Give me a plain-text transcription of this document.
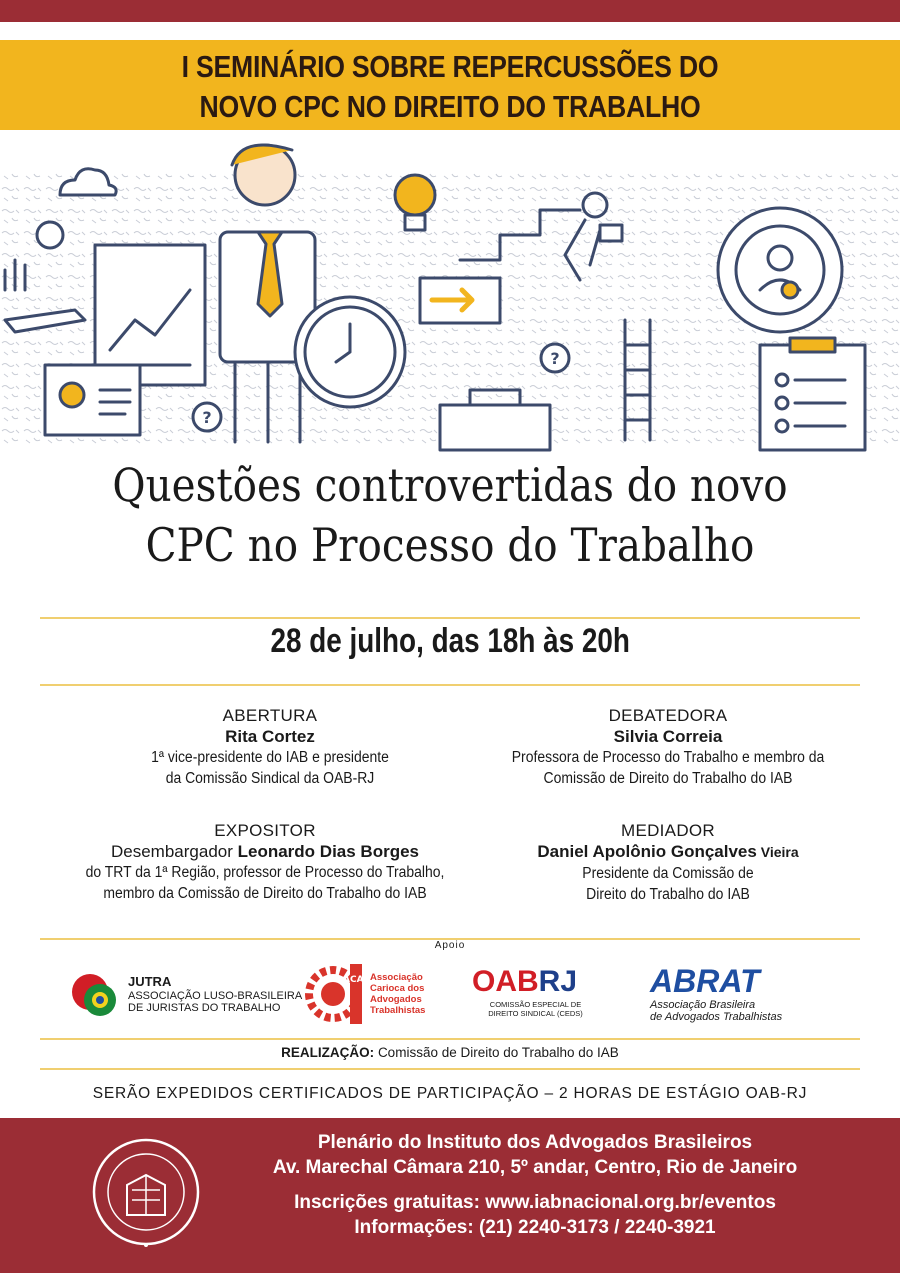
I SEMINÁRIO SOBRE REPERCUSSÕES DO
NOVO CPC NO DIREITO DO TRABALHO
?
?
Questões controvertidas do novo
CPC no Processo do Trabalho
28 de julho, das 18h às 20h
ABERTURA
Rita Cortez
1ª vice-presidente do IAB e presidente
da Comissão Sindical da OAB-RJ
DEBATEDORA
Silvia Correia
Professora de Processo do Trabalho e membro da
Comissão de Direito do Trabalho do IAB
EXPOSITOR
Desembargador Leonardo Dias Borges
do TRT da 1ª Região, professor de Processo do Trabalho,
membro da Comissão de Direito do Trabalho do IAB
MEDIADOR
Daniel Apolônio Gonçalves Vieira
Presidente da Comissão de
Direito do Trabalho do IAB
Apoio
JUTRA
ASSOCIAÇÃO LUSO-BRASILEIRA
DE JURISTAS DO TRABALHO
ACAT Associação
Carioca dos
Advogados
Trabalhistas
OABRJ
COMISSÃO ESPECIAL DE
DIREITO SINDICAL (CEDS)
ABRAT
Associação Brasileira
de Advogados Trabalhistas
REALIZAÇÃO: Comissão de Direito do Trabalho do IAB
SERÃO EXPEDIDOS CERTIFICADOS DE PARTICIPAÇÃO – 2 HORAS DE ESTÁGIO OAB-RJ
Plenário do Instituto dos Advogados Brasileiros
Av. Marechal Câmara 210, 5º andar, Centro, Rio de Janeiro
Inscrições gratuitas: www.iabnacional.org.br/eventos
Informações: (21) 2240-3173 / 2240-3921
